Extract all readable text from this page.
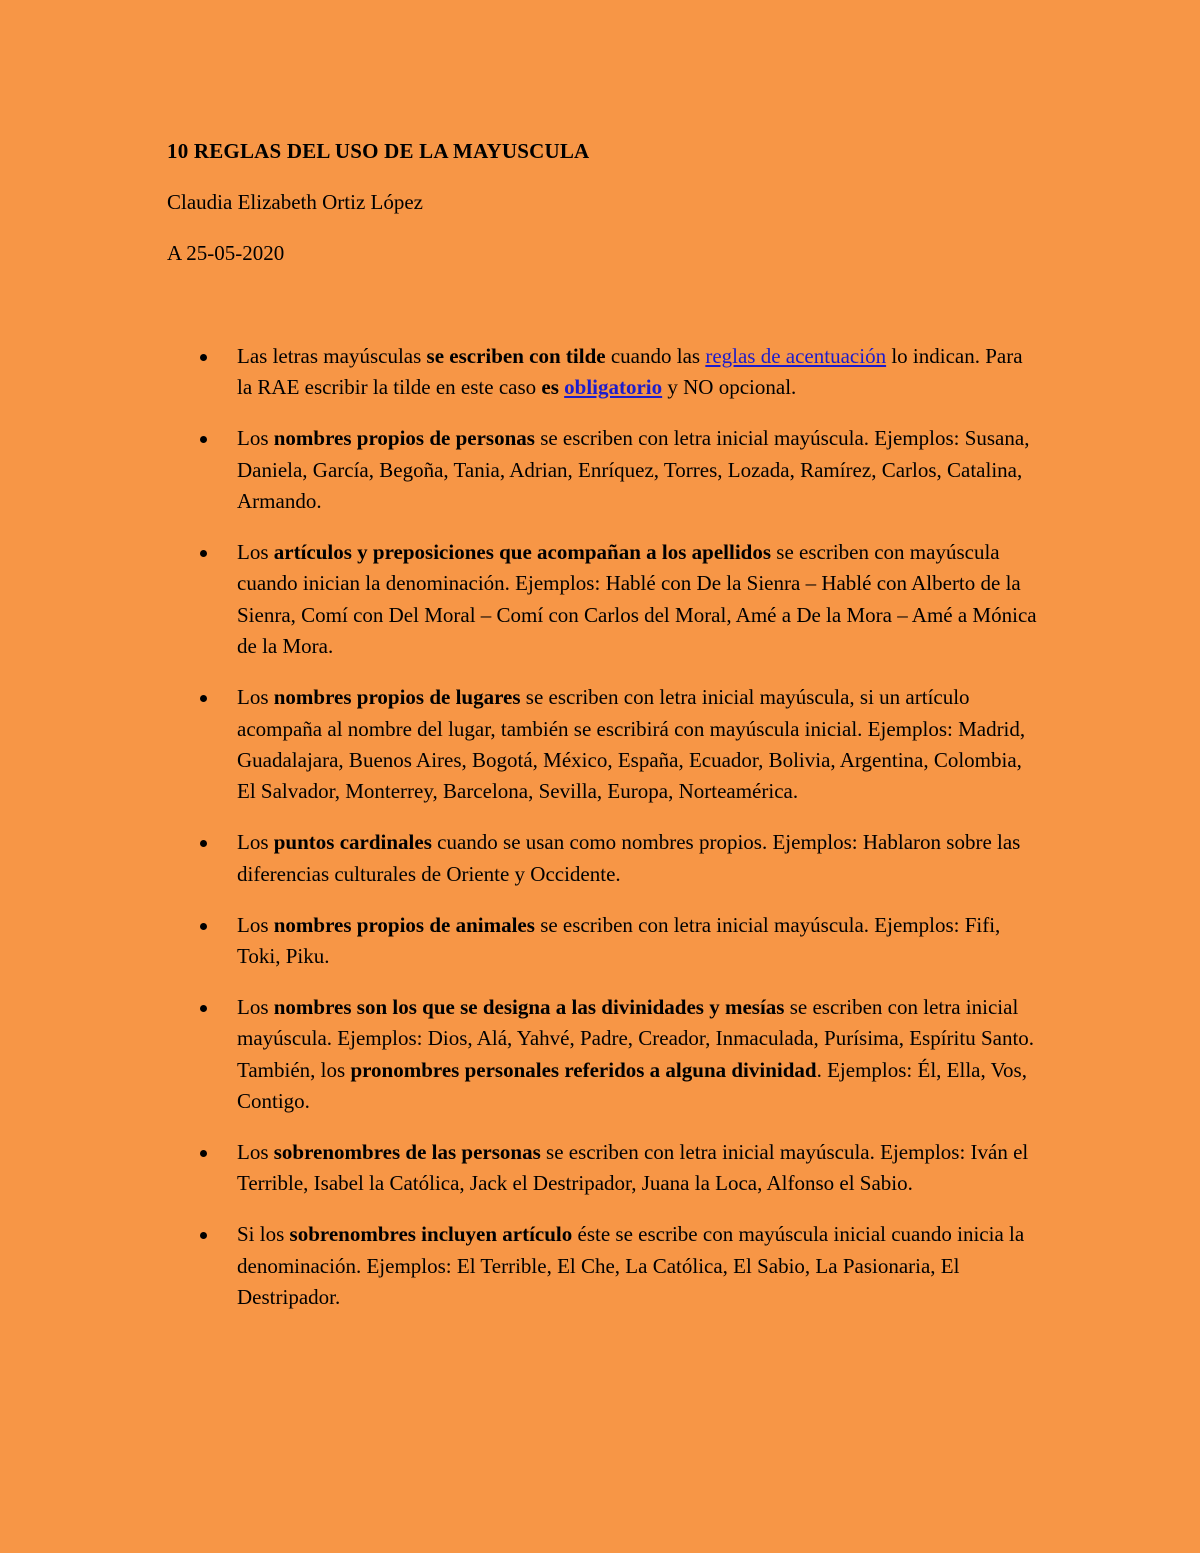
10 REGLAS DEL USO DE LA MAYUSCULA

Claudia Elizabeth Ortiz López

A 25-05-2020

Las letras mayúsculas se escriben con tilde cuando las reglas de acentuación lo indican. Para la RAE escribir la tilde en este caso es obligatorio y NO opcional.
Los nombres propios de personas se escriben con letra inicial mayúscula. Ejemplos: Susana, Daniela, García, Begoña, Tania, Adrian, Enríquez, Torres, Lozada, Ramírez, Carlos, Catalina, Armando.
Los artículos y preposiciones que acompañan a los apellidos se escriben con mayúscula cuando inician la denominación. Ejemplos: Hablé con De la Sienra – Hablé con Alberto de la Sienra, Comí con Del Moral – Comí con Carlos del Moral, Amé a De la Mora – Amé a Mónica de la Mora.
Los nombres propios de lugares se escriben con letra inicial mayúscula, si un artículo acompaña al nombre del lugar, también se escribirá con mayúscula inicial. Ejemplos: Madrid, Guadalajara, Buenos Aires, Bogotá, México, España, Ecuador, Bolivia, Argentina, Colombia, El Salvador, Monterrey, Barcelona, Sevilla, Europa, Norteamérica.
Los puntos cardinales cuando se usan como nombres propios. Ejemplos: Hablaron sobre las diferencias culturales de Oriente y Occidente.
Los nombres propios de animales se escriben con letra inicial mayúscula. Ejemplos: Fifi, Toki, Piku.
Los nombres son los que se designa a las divinidades y mesías se escriben con letra inicial mayúscula. Ejemplos: Dios, Alá, Yahvé, Padre, Creador, Inmaculada, Purísima, Espíritu Santo. También, los pronombres personales referidos a alguna divinidad. Ejemplos: Él, Ella, Vos, Contigo.
Los sobrenombres de las personas se escriben con letra inicial mayúscula. Ejemplos: Iván el Terrible, Isabel la Católica, Jack el Destripador, Juana la Loca, Alfonso el Sabio.
Si los sobrenombres incluyen artículo éste se escribe con mayúscula inicial cuando inicia la denominación. Ejemplos: El Terrible, El Che, La Católica, El Sabio, La Pasionaria, El Destripador.
